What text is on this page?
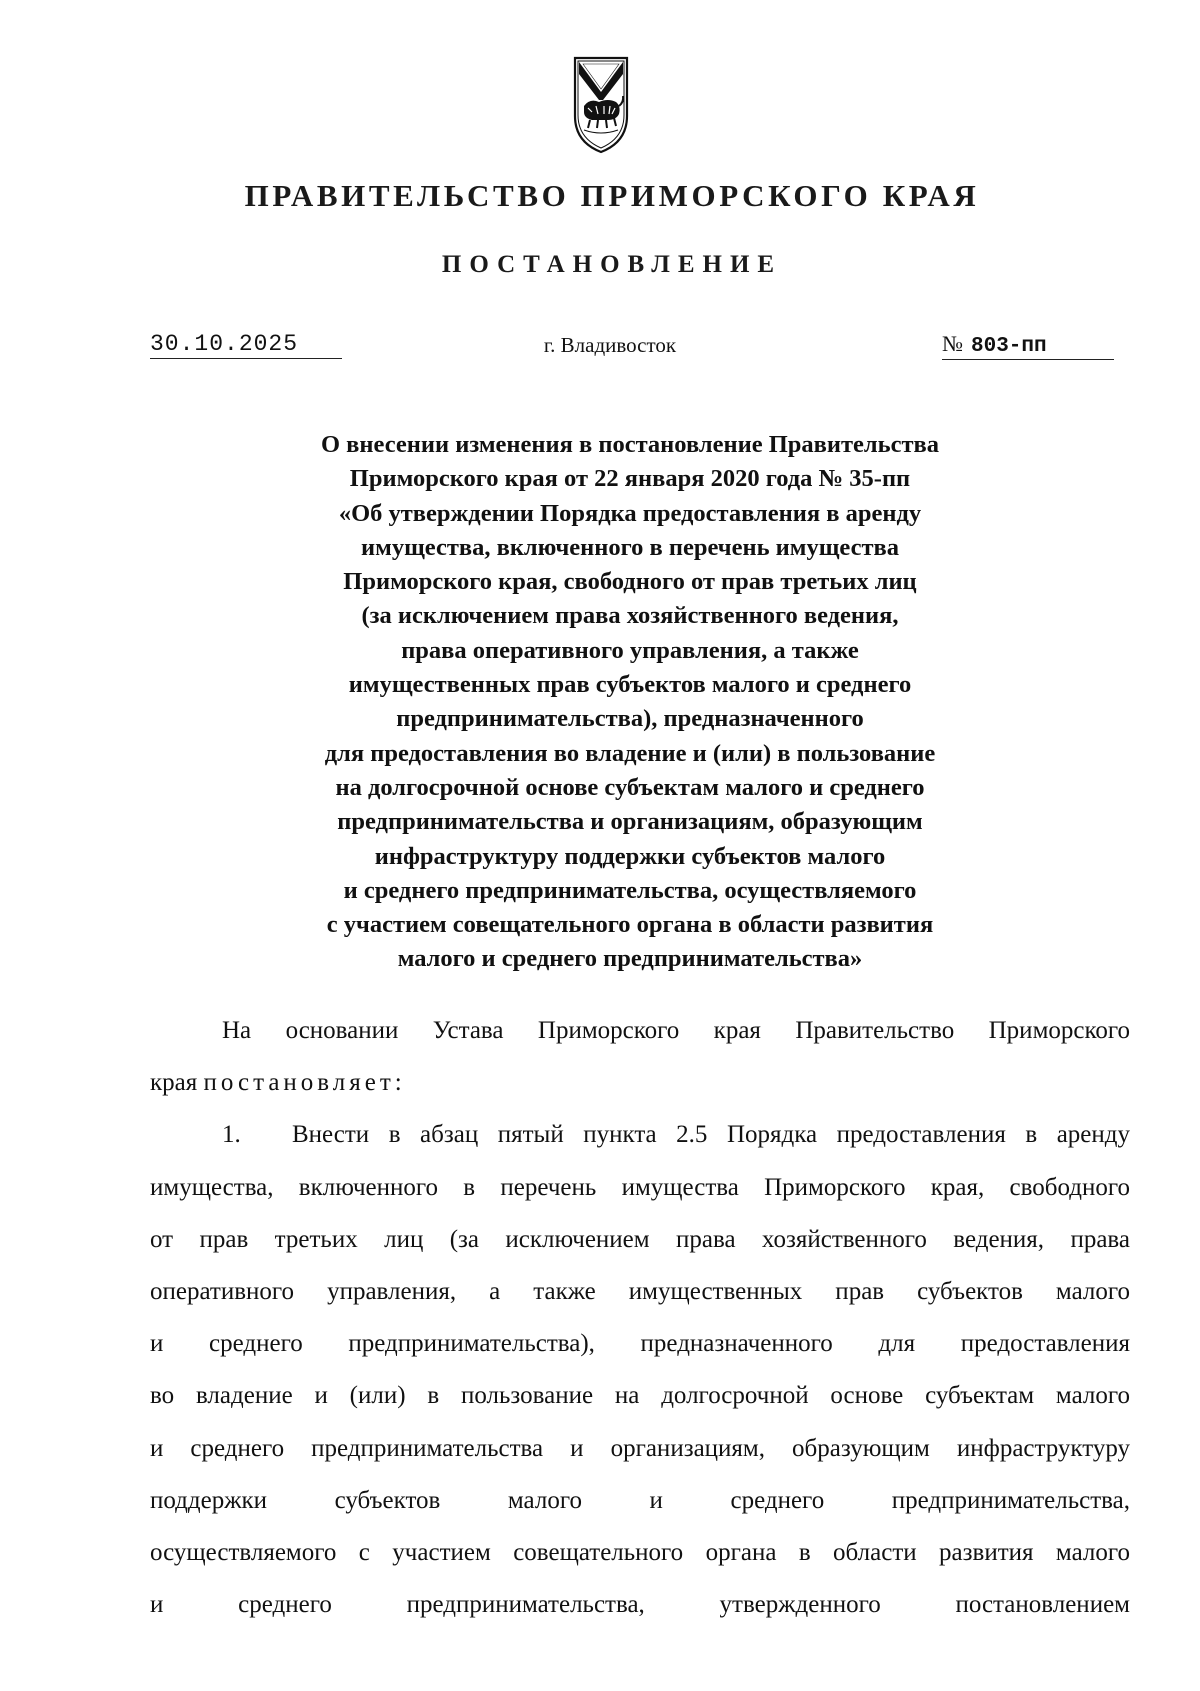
ПРАВИТЕЛЬСТВО ПРИМОРСКОГО КРАЯ
ПОСТАНОВЛЕНИЕ
30.10.2025	г. Владивосток	№ 803-пп
О внесении изменения в постановление Правительства
Приморского края от 22 января 2020 года № 35-пп
«Об утверждении Порядка предоставления в аренду
имущества, включенного в перечень имущества
Приморского края, свободного от прав третьих лиц
(за исключением права хозяйственного ведения,
права оперативного управления, а также
имущественных прав субъектов малого и среднего
предпринимательства), предназначенного
для предоставления во владение и (или) в пользование
на долгосрочной основе субъектам малого и среднего
предпринимательства и организациям, образующим
инфраструктуру поддержки субъектов малого
и среднего предпринимательства, осуществляемого
с участием совещательного органа в области развития
малого и среднего предпринимательства»
На основании Устава Приморского края Правительство Приморского
края постановляет:
1. Внести в абзац пятый пункта 2.5 Порядка предоставления в аренду
имущества, включенного в перечень имущества Приморского края, свободного
от прав третьих лиц (за исключением права хозяйственного ведения, права
оперативного управления, а также имущественных прав субъектов малого
и среднего предпринимательства), предназначенного для предоставления
во владение и (или) в пользование на долгосрочной основе субъектам малого
и среднего предпринимательства и организациям, образующим инфраструктуру
поддержки субъектов малого и среднего предпринимательства,
осуществляемого с участием совещательного органа в области развития малого
и среднего предпринимательства, утвержденного постановлением
